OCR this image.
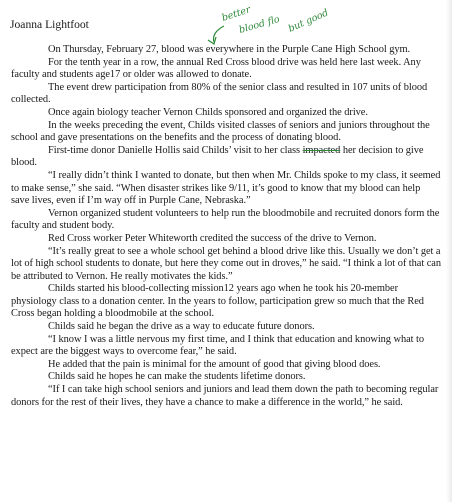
Joanna Lightfoot
better
blood flo but good

On Thursday, February 27, blood was everywhere in the Purple Cane High School gym.

For the tenth year in a row, the annual Red Cross blood drive was held here last week. Any faculty and students age17 or older was allowed to donate.

The event drew participation from 80% of the senior class and resulted in 107 units of blood collected.

Once again biology teacher Vernon Childs sponsored and organized the drive.

In the weeks preceding the event, Childs visited classes of seniors and juniors throughout the school and gave presentations on the benefits and the process of donating blood.

First-time donor Danielle Hollis said Childs’ visit to her class impacted her decision to give blood.

“I really didn’t think I wanted to donate, but then when Mr. Childs spoke to my class, it seemed to make sense,” she said. “When disaster strikes like 9/11, it’s good to know that my blood can help save lives, even if I’m way off in Purple Cane, Nebraska.”

Vernon organized student volunteers to help run the bloodmobile and recruited donors form the faculty and student body.

Red Cross worker Peter Whiteworth credited the success of the drive to Vernon.

“It’s really great to see a whole school get behind a blood drive like this. Usually we don’t get a lot of high school students to donate, but here they come out in droves,” he said. “I think a lot of that can be attributed to Vernon. He really motivates the kids.”

Childs started his blood-collecting mission12 years ago when he took his 20-member physiology class to a donation center. In the years to follow, participation grew so much that the Red Cross began holding a bloodmobile at the school.

Childs said he began the drive as a way to educate future donors.

“I know I was a little nervous my first time, and I think that education and knowing what to expect are the biggest ways to overcome fear,” he said.

He added that the pain is minimal for the amount of good that giving blood does.

Childs said he hopes he can make the students lifetime donors.

“If I can take high school seniors and juniors and lead them down the path to becoming regular donors for the rest of their lives, they have a chance to make a difference in the world,” he said.
